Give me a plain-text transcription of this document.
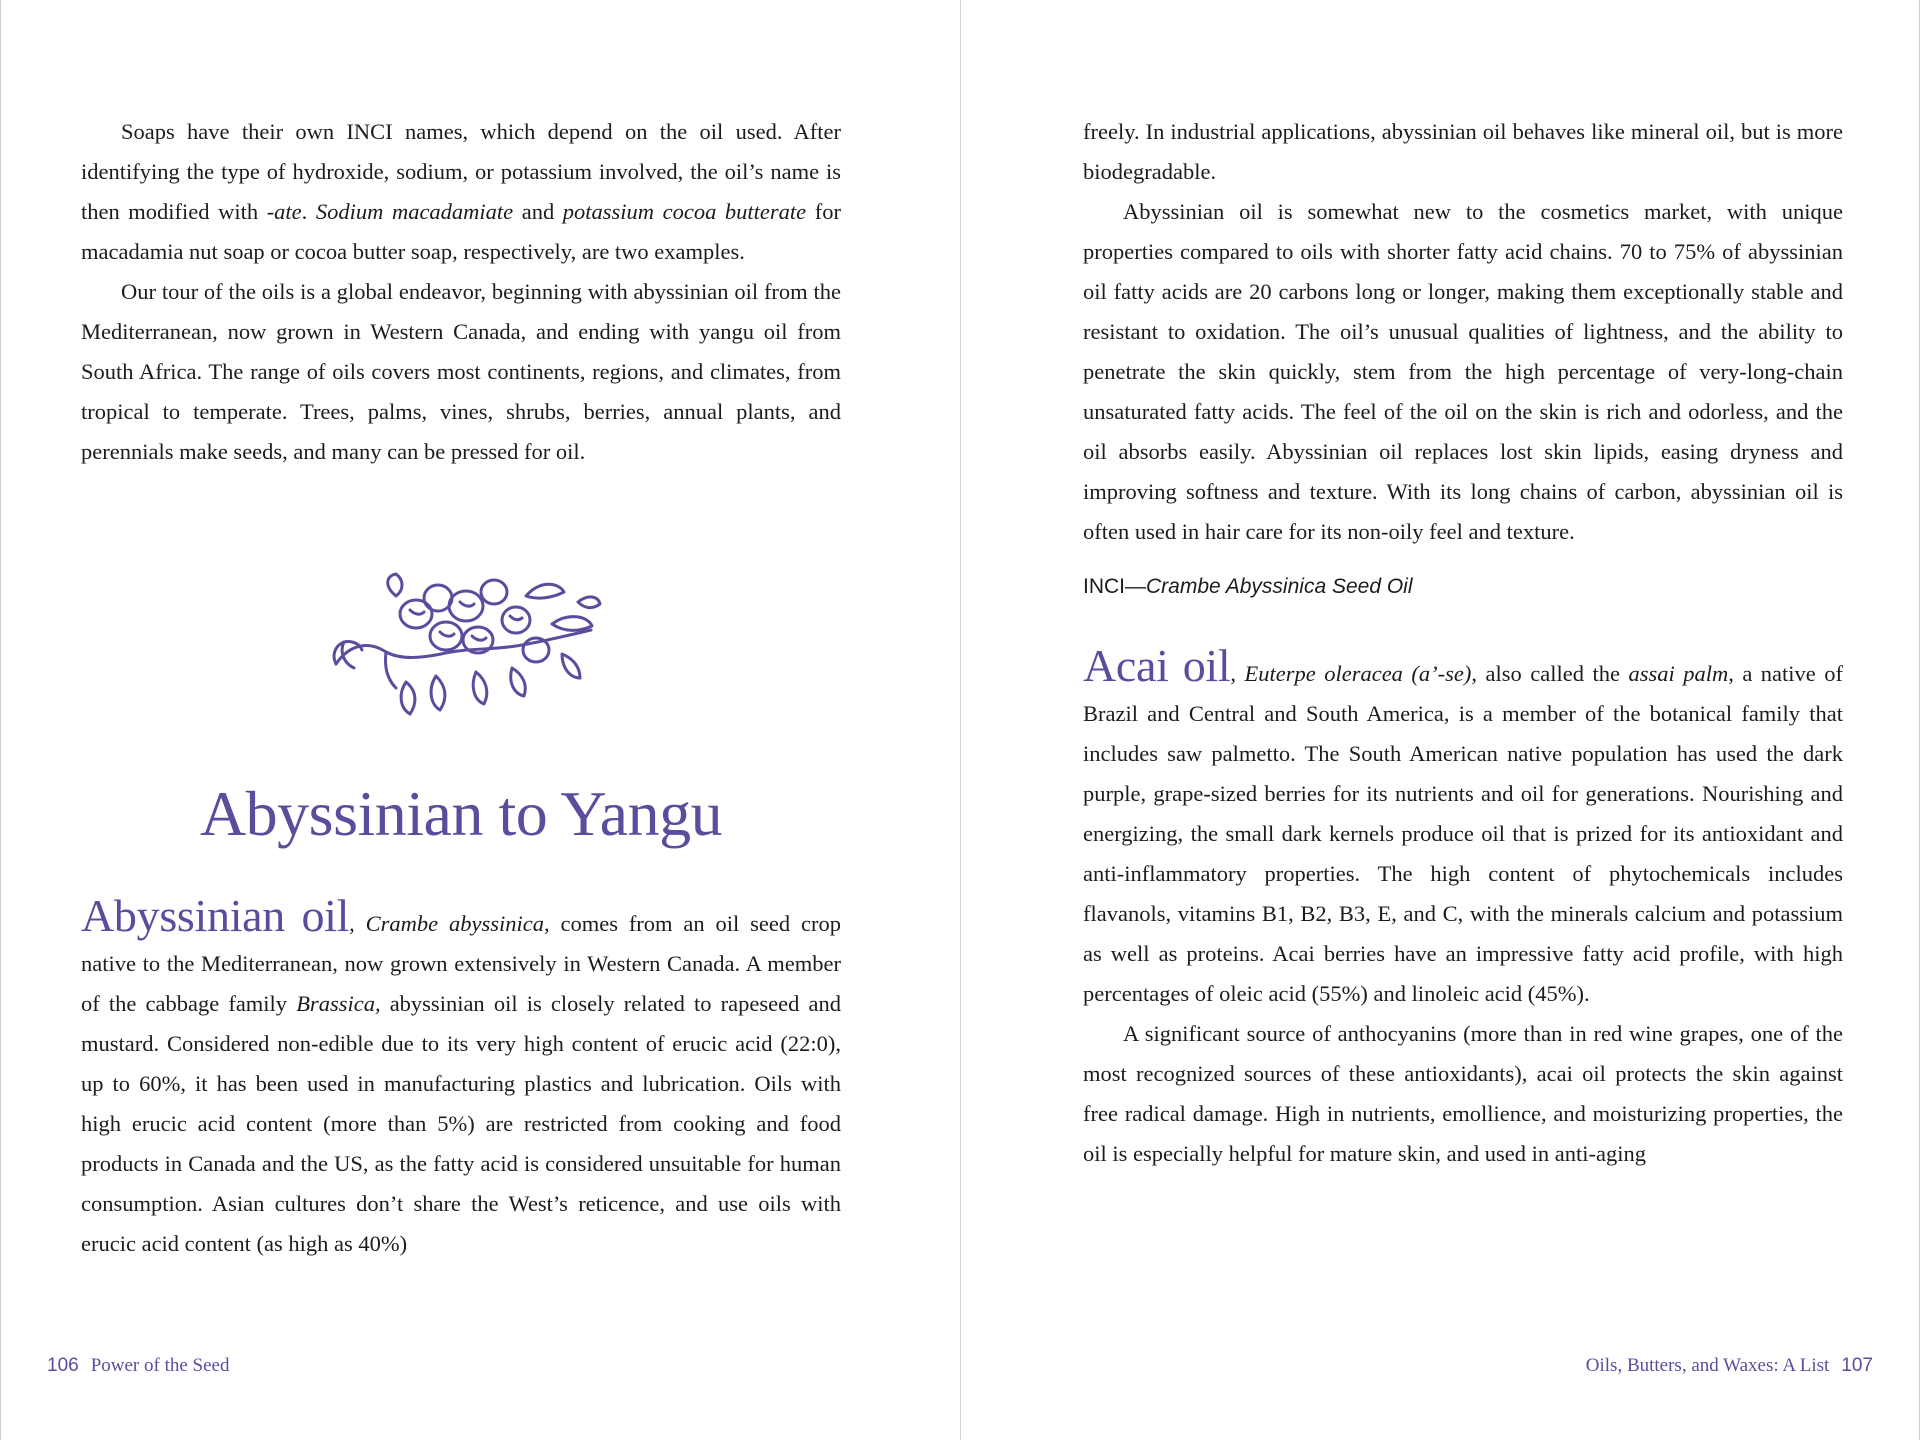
Soaps have their own INCI names, which depend on the oil used. After identifying the type of hydroxide, sodium, or potassium involved, the oil’s name is then modified with -ate. Sodium macadamiate and potassium cocoa butterate for macadamia nut soap or cocoa butter soap, respectively, are two examples.

Our tour of the oils is a global endeavor, beginning with abyssinian oil from the Mediterranean, now grown in Western Canada, and ending with yangu oil from South Africa. The range of oils covers most continents, regions, and climates, from tropical to temperate. Trees, palms, vines, shrubs, berries, annual plants, and perennials make seeds, and many can be pressed for oil.

Abyssinian to Yangu

Abyssinian oil, Crambe abyssinica, comes from an oil seed crop native to the Mediterranean, now grown extensively in Western Canada. A member of the cabbage family Brassica, abyssinian oil is closely related to rapeseed and mustard. Considered non-edible due to its very high content of erucic acid (22:0), up to 60%, it has been used in manufacturing plastics and lubrication. Oils with high erucic acid content (more than 5%) are restricted from cooking and food products in Canada and the US, as the fatty acid is considered unsuitable for human consumption. Asian cultures don’t share the West’s reticence, and use oils with erucic acid content (as high as 40%)

106 Power of the Seed

freely. In industrial applications, abyssinian oil behaves like mineral oil, but is more biodegradable.

Abyssinian oil is somewhat new to the cosmetics market, with unique properties compared to oils with shorter fatty acid chains. 70 to 75% of abyssinian oil fatty acids are 20 carbons long or longer, making them exceptionally stable and resistant to oxidation. The oil’s unusual qualities of lightness, and the ability to penetrate the skin quickly, stem from the high percentage of very-long-chain unsaturated fatty acids. The feel of the oil on the skin is rich and odorless, and the oil absorbs easily. Abyssinian oil replaces lost skin lipids, easing dryness and improving softness and texture. With its long chains of carbon, abyssinian oil is often used in hair care for its non-oily feel and texture.

INCI—Crambe Abyssinica Seed Oil

Acai oil, Euterpe oleracea (a’-se), also called the assai palm, a native of Brazil and Central and South America, is a member of the botanical family that includes saw palmetto. The South American native population has used the dark purple, grape-sized berries for its nutrients and oil for generations. Nourishing and energizing, the small dark kernels produce oil that is prized for its antioxidant and anti-inflammatory properties. The high content of phytochemicals includes flavanols, vitamins B1, B2, B3, E, and C, with the minerals calcium and potassium as well as proteins. Acai berries have an impressive fatty acid profile, with high percentages of oleic acid (55%) and linoleic acid (45%).

A significant source of anthocyanins (more than in red wine grapes, one of the most recognized sources of these antioxidants), acai oil protects the skin against free radical damage. High in nutrients, emollience, and moisturizing properties, the oil is especially helpful for mature skin, and used in anti-aging

Oils, Butters, and Waxes: A List 107
